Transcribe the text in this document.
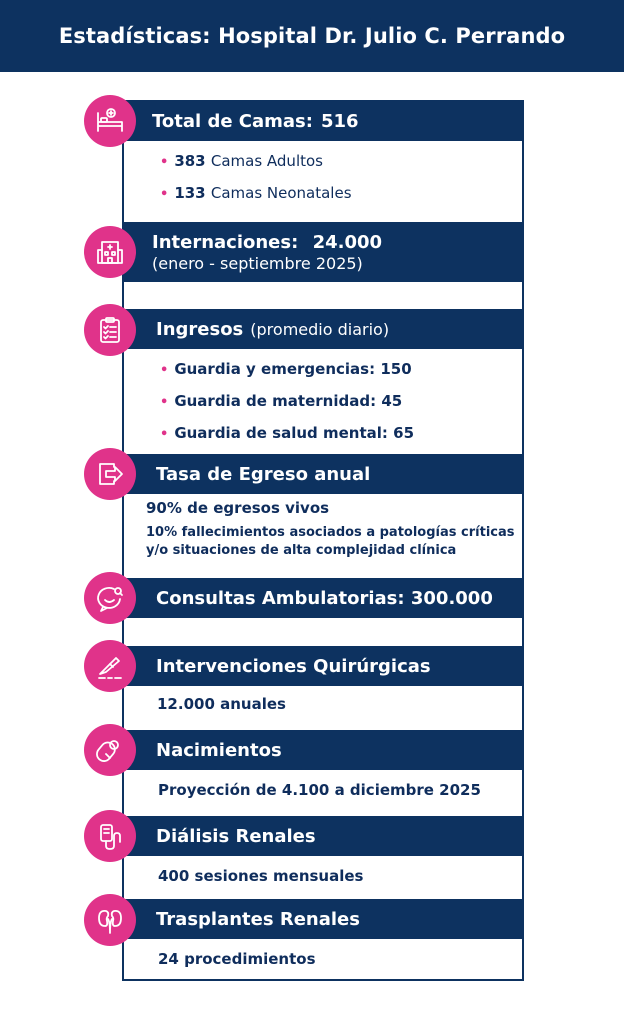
Estadísticas: Hospital Dr. Julio C. Perrando
Total de Camas: 516
• 383 Camas Adultos
• 133 Camas Neonatales
Internaciones: 24.000
(enero - septiembre 2025)
Ingresos (promedio diario)
• Guardia y emergencias: 150
• Guardia de maternidad: 45
• Guardia de salud mental: 65
Tasa de Egreso anual
90% de egresos vivos
10% fallecimientos asociados a patologías críticas
y/o situaciones de alta complejidad clínica
Consultas Ambulatorias: 300.000
Intervenciones Quirúrgicas
12.000 anuales
Nacimientos
Proyección de 4.100 a diciembre 2025
Diálisis Renales
400 sesiones mensuales
Trasplantes Renales
24 procedimientos
